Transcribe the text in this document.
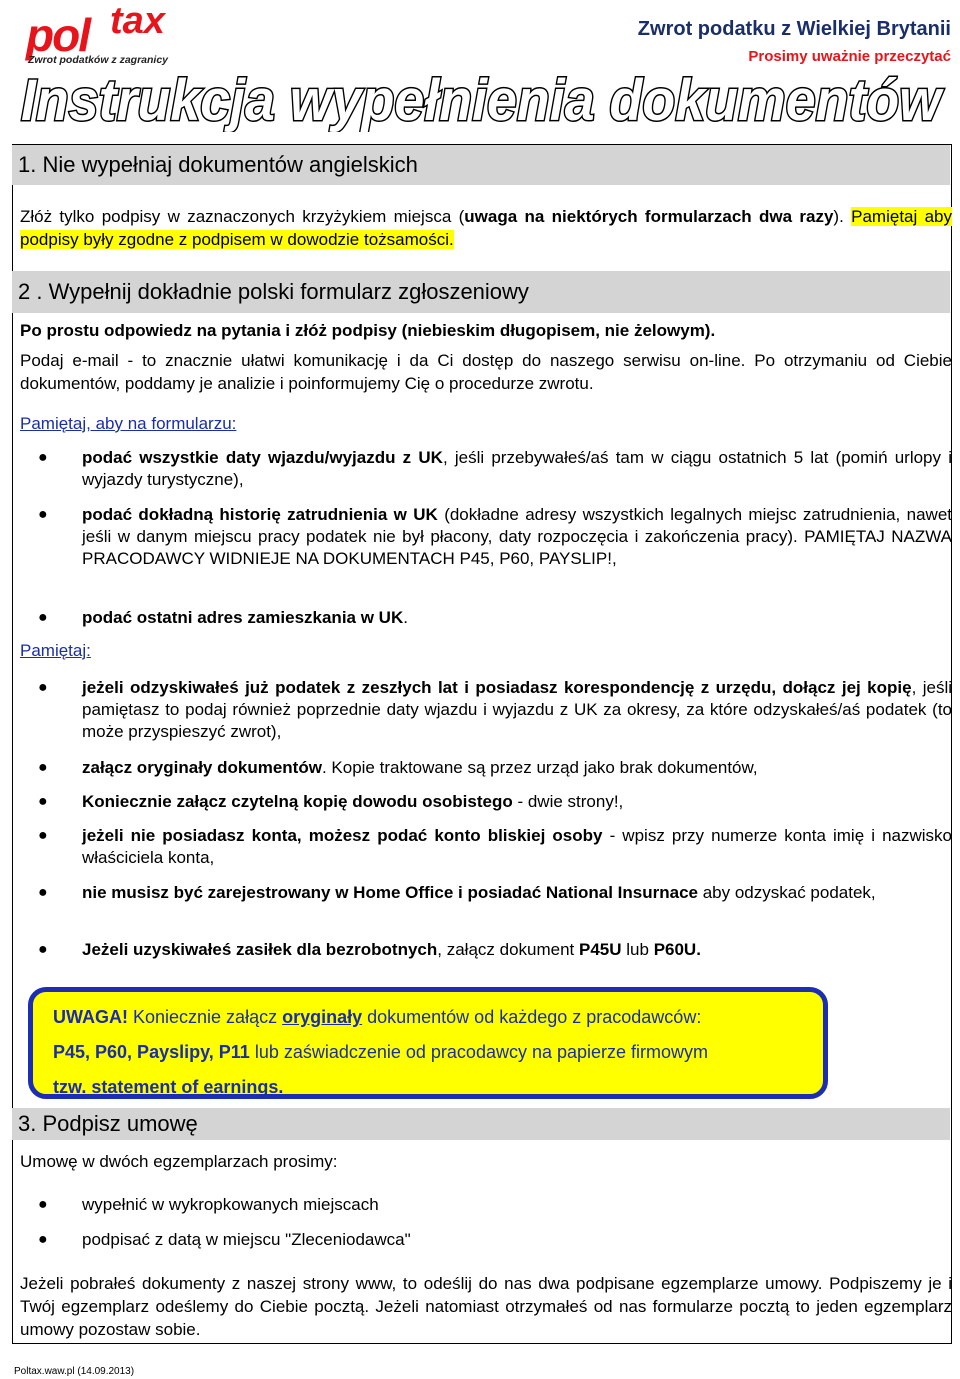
pol tax
Zwrot podatków z zagranicy
Zwrot podatku z Wielkiej Brytanii
Prosimy uważnie przeczytać
Instrukcja wypełnienia dokumentów
1. Nie wypełniaj dokumentów angielskich
Złóż tylko podpisy w zaznaczonych krzyżykiem miejsca (uwaga na niektórych formularzach dwa razy). Pamiętaj aby podpisy były zgodne z podpisem w dowodzie tożsamości.
2 . Wypełnij dokładnie polski formularz zgłoszeniowy
Po prostu odpowiedz na pytania i złóż podpisy (niebieskim długopisem, nie żelowym).
Podaj e-mail - to znacznie ułatwi komunikację i da Ci dostęp do naszego serwisu on-line. Po otrzymaniu od Ciebie dokumentów, poddamy je analizie i poinformujemy Cię o procedurze zwrotu.
Pamiętaj, aby na formularzu:
● podać wszystkie daty wjazdu/wyjazdu z UK, jeśli przebywałeś/aś tam w ciągu ostatnich 5 lat (pomiń urlopy i wyjazdy turystyczne),
● podać dokładną historię zatrudnienia w UK (dokładne adresy wszystkich legalnych miejsc zatrudnienia, nawet jeśli w danym miejscu pracy podatek nie był płacony, daty rozpoczęcia i zakończenia pracy). PAMIĘTAJ NAZWA PRACODAWCY WIDNIEJE NA DOKUMENTACH P45, P60, PAYSLIP!,
● podać ostatni adres zamieszkania w UK.
Pamiętaj:
● jeżeli odzyskiwałeś już podatek z zeszłych lat i posiadasz korespondencję z urzędu, dołącz jej kopię, jeśli pamiętasz to podaj również poprzednie daty wjazdu i wyjazdu z UK za okresy, za które odzyskałeś/aś podatek (to może przyspieszyć zwrot),
● załącz oryginały dokumentów. Kopie traktowane są przez urząd jako brak dokumentów,
● Koniecznie załącz czytelną kopię dowodu osobistego - dwie strony!,
● jeżeli nie posiadasz konta, możesz podać konto bliskiej osoby - wpisz przy numerze konta imię i nazwisko właściciela konta,
● nie musisz być zarejestrowany w Home Office i posiadać National Insurnace aby odzyskać podatek,
● Jeżeli uzyskiwałeś zasiłek dla bezrobotnych, załącz dokument P45U lub P60U.
UWAGA! Koniecznie załącz oryginały dokumentów od każdego z pracodawców:
P45, P60, Payslipy, P11 lub zaświadczenie od pracodawcy na papierze firmowym
tzw. statement of earnings.
3. Podpisz umowę
Umowę w dwóch egzemplarzach prosimy:
● wypełnić w wykropkowanych miejscach
● podpisać z datą w miejscu "Zleceniodawca"
Jeżeli pobrałeś dokumenty z naszej strony www, to odeślij do nas dwa podpisane egzemplarze umowy. Podpiszemy je i Twój egzemplarz odeślemy do Ciebie pocztą. Jeżeli natomiast otrzymałeś od nas formularze pocztą to jeden egzemplarz umowy pozostaw sobie.
Poltax.waw.pl (14.09.2013)
